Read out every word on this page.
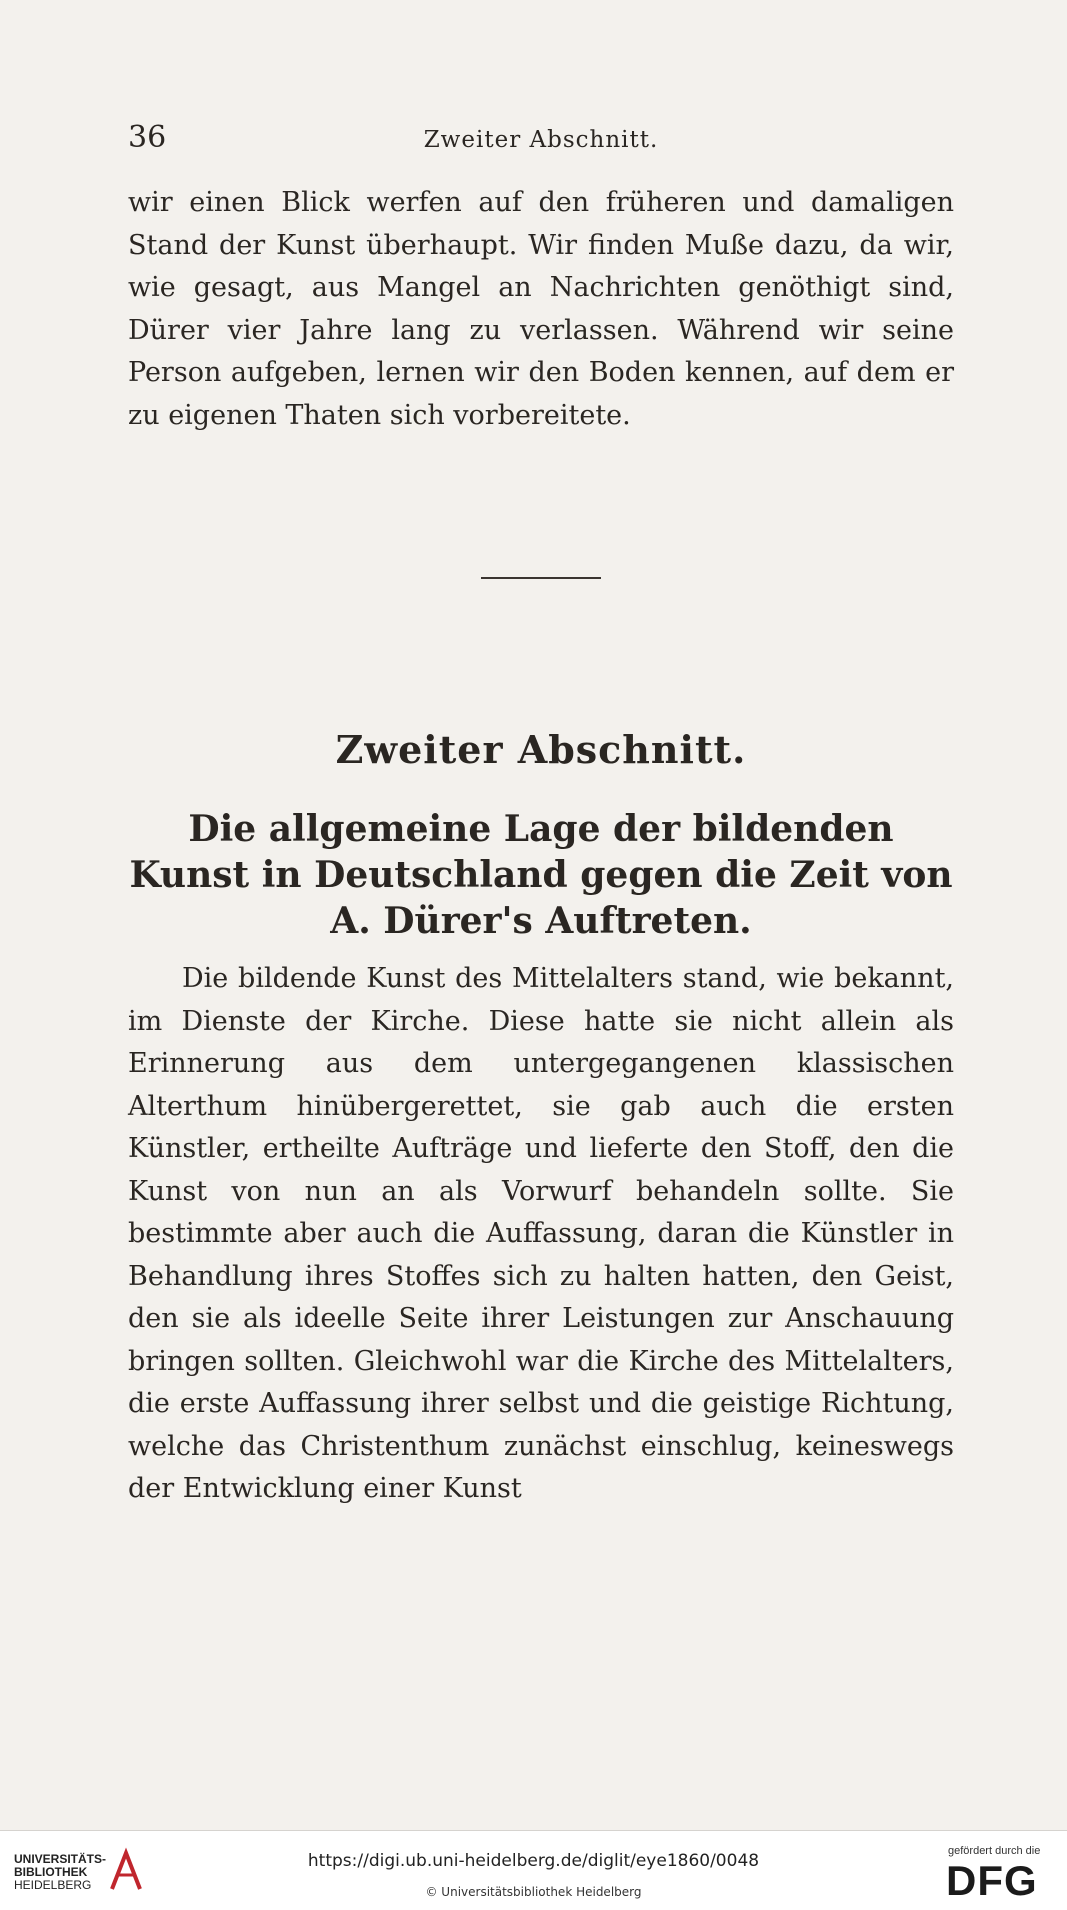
36	Zweiter Abschnitt.

wir einen Blick werfen auf den früheren und damaligen Stand der Kunst überhaupt. Wir finden Muße dazu, da wir, wie gesagt, aus Mangel an Nachrichten genöthigt sind, Dürer vier Jahre lang zu verlassen. Während wir seine Person aufgeben, lernen wir den Boden kennen, auf dem er zu eigenen Thaten sich vorbereitete.

Zweiter Abschnitt.
Die allgemeine Lage der bildenden Kunst in Deutschland gegen die Zeit von A. Dürer's Auftreten.

Die bildende Kunst des Mittelalters stand, wie bekannt, im Dienste der Kirche. Diese hatte sie nicht allein als Erinnerung aus dem untergegangenen klassischen Alterthum hinübergerettet, sie gab auch die ersten Künstler, ertheilte Aufträge und lieferte den Stoff, den die Kunst von nun an als Vorwurf behandeln sollte. Sie bestimmte aber auch die Auffassung, daran die Künstler in Behandlung ihres Stoffes sich zu halten hatten, den Geist, den sie als ideelle Seite ihrer Leistungen zur Anschauung bringen sollten. Gleichwohl war die Kirche des Mittelalters, die erste Auffassung ihrer selbst und die geistige Richtung, welche das Christenthum zunächst einschlug, keineswegs der Entwicklung einer Kunst

UNIVERSITÄTS-
BIBLIOTHEK
HEIDELBERG
https://digi.ub.uni-heidelberg.de/diglit/eye1860/0048
© Universitätsbibliothek Heidelberg
gefördert durch die
DFG
